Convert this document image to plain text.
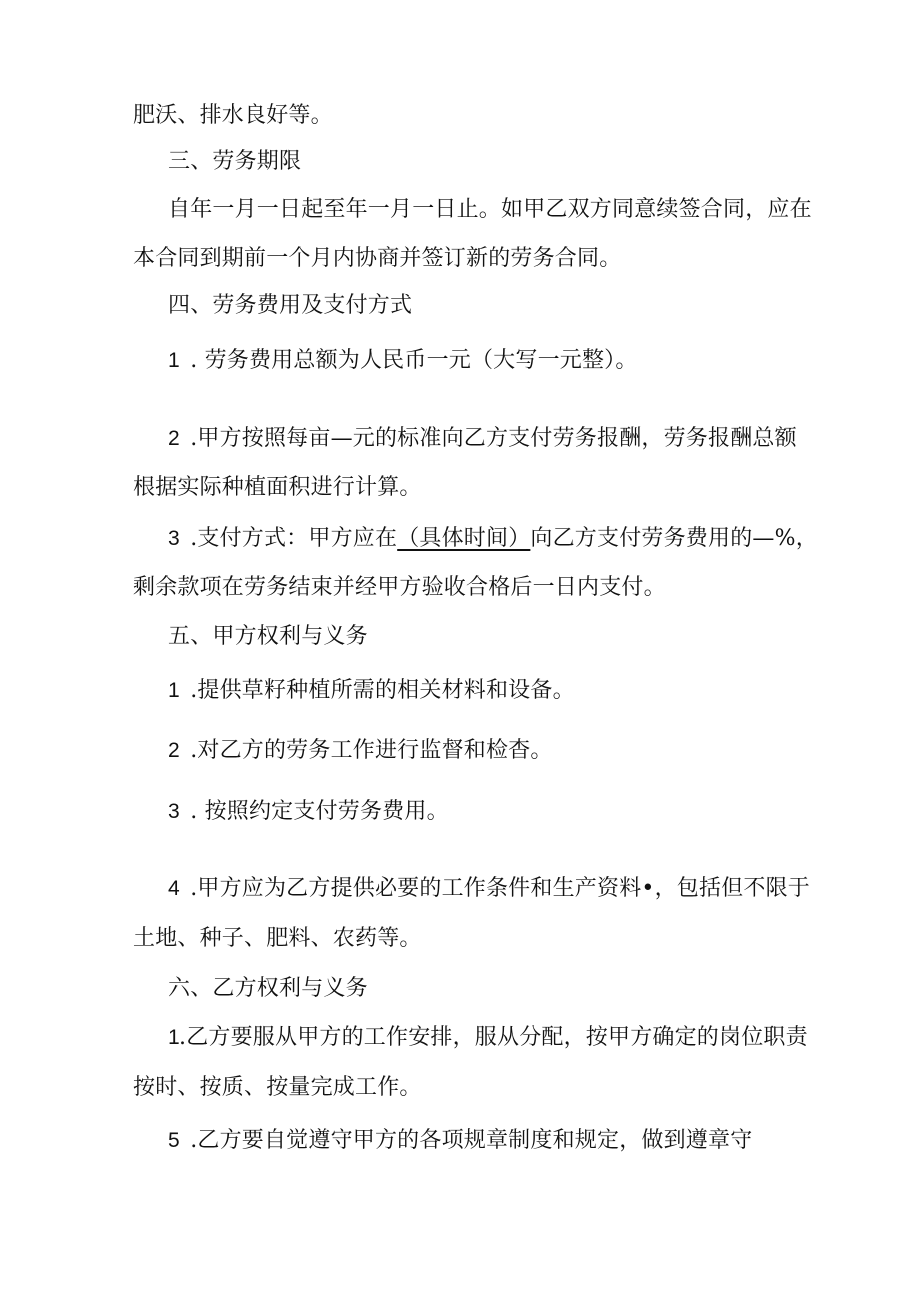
肥沃、排水良好等。
三、劳务期限
自年一月一日起至年一月一日止。如甲乙双方同意续签合同，应在
本合同到期前一个月内协商并签订新的劳务合同。
四、劳务费用及支付方式
1 . 劳务费用总额为人民币一元（大写一元整）。
2 .甲方按照每亩—元的标准向乙方支付劳务报酬，劳务报酬总额
根据实际种植面积进行计算。
3 .支付方式：甲方应在（具体时间）向乙方支付劳务费用的—%，
剩余款项在劳务结束并经甲方验收合格后一日内支付。
五、甲方权利与义务
1 .提供草籽种植所需的相关材料和设备。
2 .对乙方的劳务工作进行监督和检杳。
3 . 按照约定支付劳务费用。
4 .甲方应为乙方提供必要的工作条件和生产资料•，包括但不限于
土地、种子、肥料、农药等。
六、乙方权利与义务
1.乙方要服从甲方的工作安排，服从分配，按甲方确定的岗位职责
按时、按质、按量完成工作。
5 .乙方要自觉遵守甲方的各项规章制度和规定，做到遵章守
